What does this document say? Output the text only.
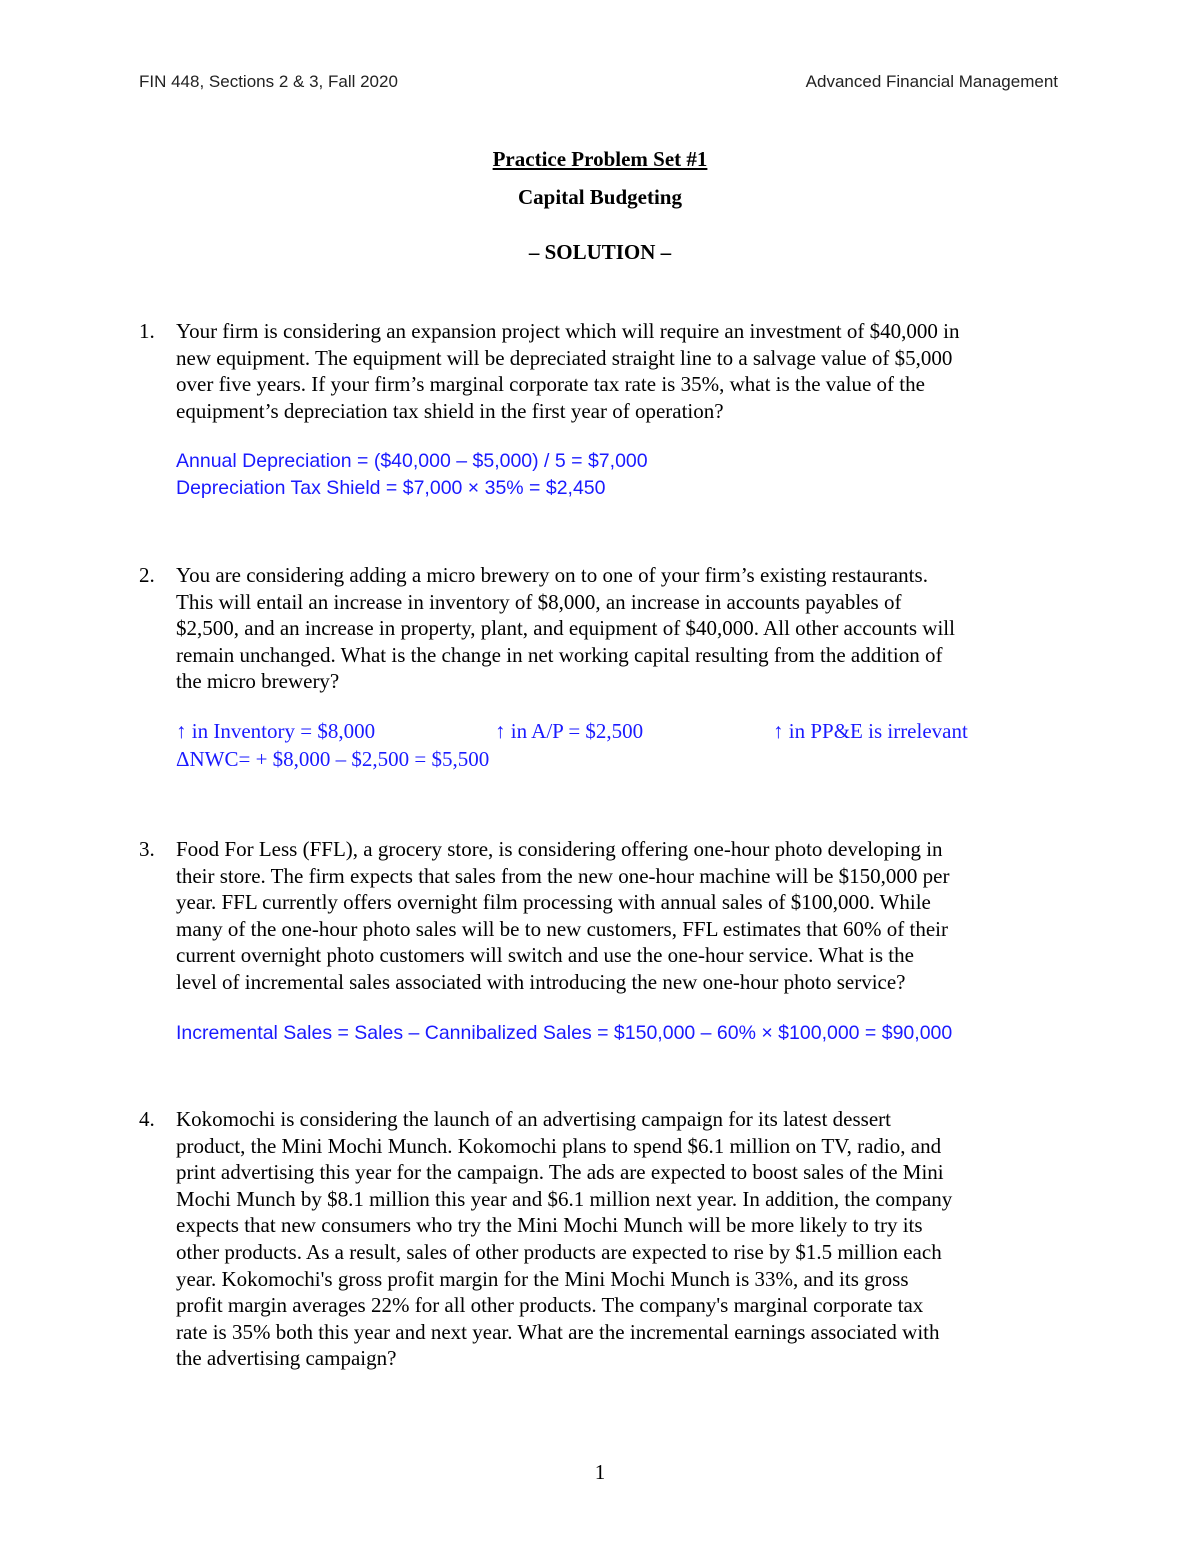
FIN 448, Sections 2 & 3, Fall 2020	Advanced Financial Management
Practice Problem Set #1
Capital Budgeting
– SOLUTION –
1. Your firm is considering an expansion project which will require an investment of $40,000 in
new equipment. The equipment will be depreciated straight line to a salvage value of $5,000
over five years. If your firm’s marginal corporate tax rate is 35%, what is the value of the
equipment’s depreciation tax shield in the first year of operation?
Annual Depreciation = ($40,000 – $5,000) / 5 = $7,000
Depreciation Tax Shield = $7,000 × 35% = $2,450
2. You are considering adding a micro brewery on to one of your firm’s existing restaurants.
This will entail an increase in inventory of $8,000, an increase in accounts payables of
$2,500, and an increase in property, plant, and equipment of $40,000. All other accounts will
remain unchanged. What is the change in net working capital resulting from the addition of
the micro brewery?
↑ in Inventory = $8,000	↑ in A/P = $2,500	↑ in PP&E is irrelevant
ΔNWC= + $8,000 – $2,500 = $5,500
3. Food For Less (FFL), a grocery store, is considering offering one-hour photo developing in
their store. The firm expects that sales from the new one-hour machine will be $150,000 per
year. FFL currently offers overnight film processing with annual sales of $100,000. While
many of the one-hour photo sales will be to new customers, FFL estimates that 60% of their
current overnight photo customers will switch and use the one-hour service. What is the
level of incremental sales associated with introducing the new one-hour photo service?
Incremental Sales = Sales – Cannibalized Sales = $150,000 – 60% × $100,000 = $90,000
4. Kokomochi is considering the launch of an advertising campaign for its latest dessert
product, the Mini Mochi Munch. Kokomochi plans to spend $6.1 million on TV, radio, and
print advertising this year for the campaign. The ads are expected to boost sales of the Mini
Mochi Munch by $8.1 million this year and $6.1 million next year. In addition, the company
expects that new consumers who try the Mini Mochi Munch will be more likely to try its
other products. As a result, sales of other products are expected to rise by $1.5 million each
year. Kokomochi's gross profit margin for the Mini Mochi Munch is 33%, and its gross
profit margin averages 22% for all other products. The company's marginal corporate tax
rate is 35% both this year and next year. What are the incremental earnings associated with
the advertising campaign?
1
